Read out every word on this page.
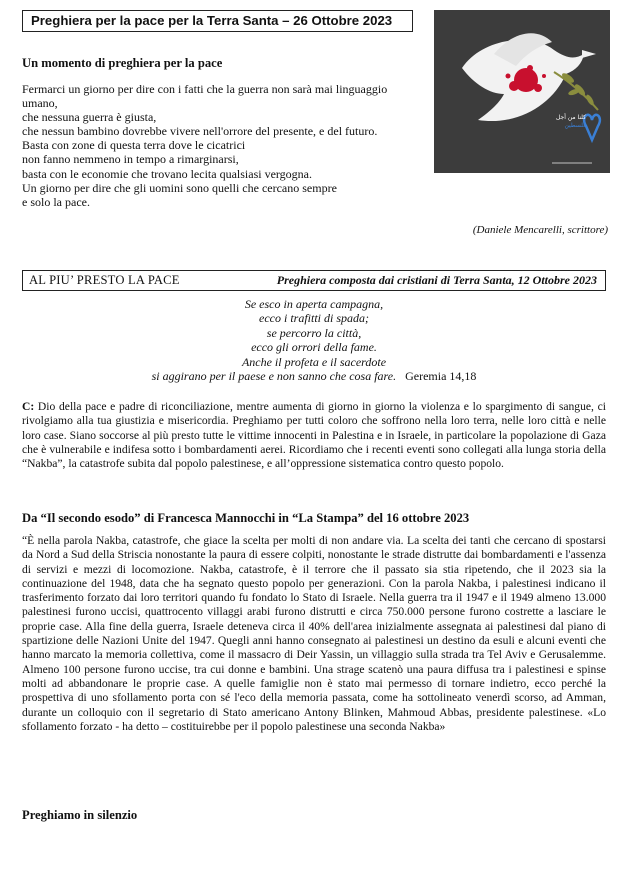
Preghiera per la pace per la Terra Santa – 26 Ottobre 2023
كلنا من أجل
فلسطين
Un momento di preghiera per la pace
Fermarci un giorno per dire con i fatti che la guerra non sarà mai linguaggio
umano,
che nessuna guerra è giusta,
che nessun bambino dovrebbe vivere nell'orrore del presente, e del futuro.
Basta con zone di questa terra dove le cicatrici
non fanno nemmeno in tempo a rimarginarsi,
basta con le economie che trovano lecita qualsiasi vergogna.
Un giorno per dire che gli uomini sono quelli che cercano sempre
e solo la pace.
(Daniele Mencarelli, scrittore)
AL PIU’ PRESTO LA PACE	Preghiera composta dai cristiani di Terra Santa, 12 Ottobre 2023
Se esco in aperta campagna,
ecco i trafitti di spada;
se percorro la città,
ecco gli orrori della fame.
Anche il profeta e il sacerdote
si aggirano per il paese e non sanno che cosa fare. Geremia 14,18

C: Dio della pace e padre di riconciliazione, mentre aumenta di giorno in giorno la violenza e lo spargimento di sangue, ci rivolgiamo alla tua giustizia e misericordia. Preghiamo per tutti coloro che soffrono nella loro terra, nelle loro città e nelle loro case. Siano soccorse al più presto tutte le vittime innocenti in Palestina e in Israele, in particolare la popolazione di Gaza che è vulnerabile e indifesa sotto i bombardamenti aerei. Ricordiamo che i recenti eventi sono collegati alla lunga storia della “Nakba”, la catastrofe subita dal popolo palestinese, e all’oppressione sistematica contro questo popolo.

Da “Il secondo esodo” di Francesca Mannocchi in “La Stampa” del 16 ottobre 2023

“È nella parola Nakba, catastrofe, che giace la scelta per molti di non andare via. La scelta dei tanti che cercano di spostarsi da Nord a Sud della Striscia nonostante la paura di essere colpiti, nonostante le strade distrutte dai bombardamenti e l'assenza di servizi e mezzi di locomozione. Nakba, catastrofe, è il terrore che il passato sia stia ripetendo, che il 2023 sia la continuazione del 1948, data che ha segnato questo popolo per generazioni. Con la parola Nakba, i palestinesi indicano il trasferimento forzato dai loro territori quando fu fondato lo Stato di Israele. Nella guerra tra il 1947 e il 1949 almeno 13.000 palestinesi furono uccisi, quattrocento villaggi arabi furono distrutti e circa 750.000 persone furono costrette a lasciare le proprie case. Alla fine della guerra, Israele deteneva circa il 40% dell'area inizialmente assegnata ai palestinesi dal piano di spartizione delle Nazioni Unite del 1947. Quegli anni hanno consegnato ai palestinesi un destino da esuli e alcuni eventi che hanno marcato la memoria collettiva, come il massacro di Deir Yassin, un villaggio sulla strada tra Tel Aviv e Gerusalemme. Almeno 100 persone furono uccise, tra cui donne e bambini. Una strage scatenò una paura diffusa tra i palestinesi e spinse molti ad abbandonare le proprie case. A quelle famiglie non è stato mai permesso di tornare indietro, ecco perché la prospettiva di uno sfollamento porta con sé l'eco della memoria passata, come ha sottolineato venerdì scorso, ad Amman, durante un colloquio con il segretario di Stato americano Antony Blinken, Mahmoud Abbas, presidente palestinese. «Lo sfollamento forzato - ha detto – costituirebbe per il popolo palestinese una seconda Nakba»

Preghiamo in silenzio
